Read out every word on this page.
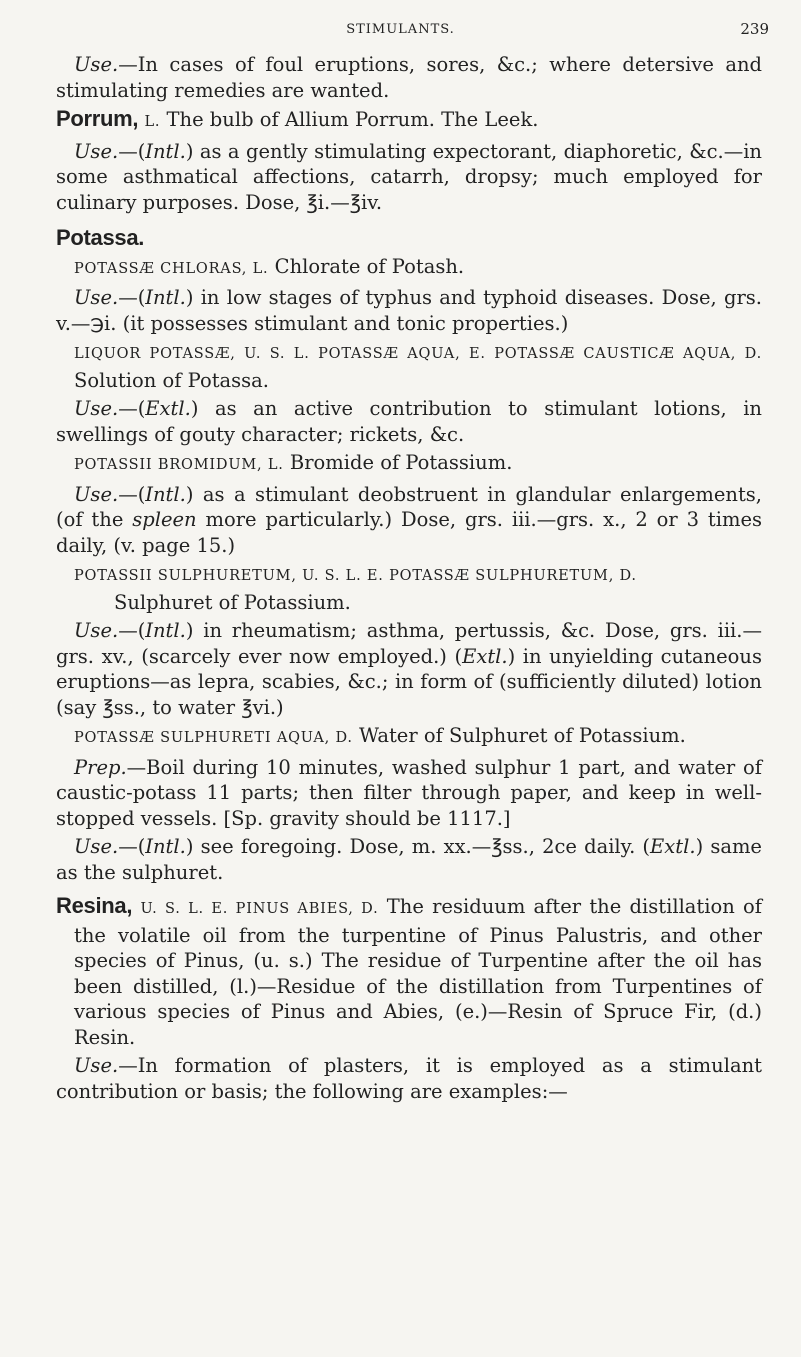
STIMULANTS.	239

Use.—In cases of foul eruptions, sores, &c.; where detersive and stimulating remedies are wanted.

Porrum, L. The bulb of Allium Porrum. The Leek.

Use.—(Intl.) as a gently stimulating expectorant, diaphoretic, &c.—in some asthmatical affections, catarrh, dropsy; much employed for culinary purposes. Dose, ℥i.—℥iv.

Potassa.
POTASSÆ CHLORAS, L. Chlorate of Potash.

Use.—(Intl.) in low stages of typhus and typhoid diseases. Dose, grs. v.—℈i. (it possesses stimulant and tonic properties.)

LIQUOR POTASSÆ, U. S. L. POTASSÆ AQUA, E. POTASSÆ CAUSTICÆ AQUA, D. Solution of Potassa.

Use.—(Extl.) as an active contribution to stimulant lotions, in swellings of gouty character; rickets, &c.

POTASSII BROMIDUM, L. Bromide of Potassium.

Use.—(Intl.) as a stimulant deobstruent in glandular enlargements, (of the spleen more particularly.) Dose, grs. iii.—grs. x., 2 or 3 times daily, (v. page 15.)

POTASSII SULPHURETUM, U. S. L. E. POTASSÆ SULPHURETUM, D.
Sulphuret of Potassium.

Use.—(Intl.) in rheumatism; asthma, pertussis, &c. Dose, grs. iii.—grs. xv., (scarcely ever now employed.) (Extl.) in unyielding cutaneous eruptions—as lepra, scabies, &c.; in form of (sufficiently diluted) lotion (say ℥ss., to water ℥vi.)

POTASSÆ SULPHURETI AQUA, D. Water of Sulphuret of Potassium.

Prep.—Boil during 10 minutes, washed sulphur 1 part, and water of caustic-potass 11 parts; then filter through paper, and keep in well-stopped vessels. [Sp. gravity should be 1117.]

Use.—(Intl.) see foregoing. Dose, m. xx.—℥ss., 2ce daily. (Extl.) same as the sulphuret.

Resina, U. S. L. E. PINUS ABIES, D. The residuum after the distillation of the volatile oil from the turpentine of Pinus Palustris, and other species of Pinus, (u. s.) The residue of Turpentine after the oil has been distilled, (l.)—Residue of the distillation from Turpentines of various species of Pinus and Abies, (e.)—Resin of Spruce Fir, (d.) Resin.

Use.—In formation of plasters, it is employed as a stimulant contribution or basis; the following are examples:—
